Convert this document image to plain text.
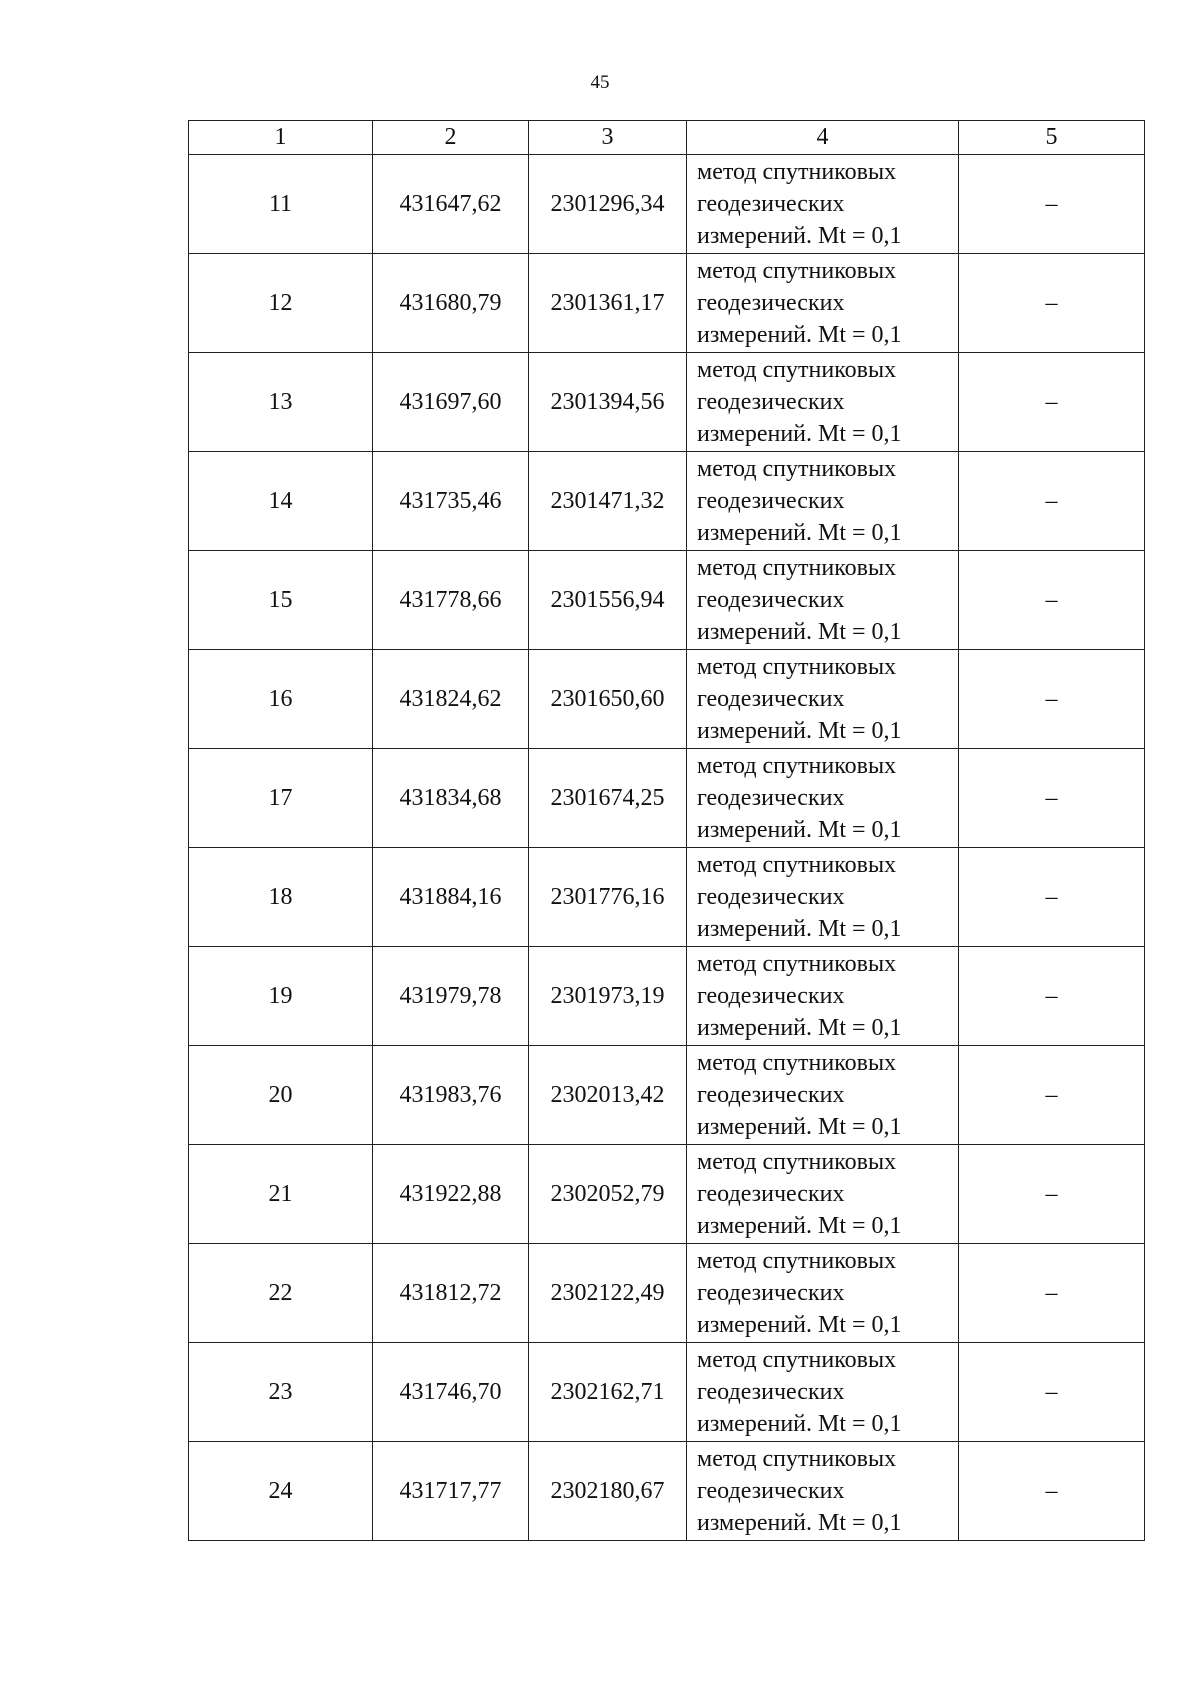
45
1	2	3	4	5
11	431647,62	2301296,34	метод спутниковых
геодезических
измерений. Mt = 0,1	–
12	431680,79	2301361,17	метод спутниковых
геодезических
измерений. Mt = 0,1	–
13	431697,60	2301394,56	метод спутниковых
геодезических
измерений. Mt = 0,1	–
14	431735,46	2301471,32	метод спутниковых
геодезических
измерений. Mt = 0,1	–
15	431778,66	2301556,94	метод спутниковых
геодезических
измерений. Mt = 0,1	–
16	431824,62	2301650,60	метод спутниковых
геодезических
измерений. Mt = 0,1	–
17	431834,68	2301674,25	метод спутниковых
геодезических
измерений. Mt = 0,1	–
18	431884,16	2301776,16	метод спутниковых
геодезических
измерений. Mt = 0,1	–
19	431979,78	2301973,19	метод спутниковых
геодезических
измерений. Mt = 0,1	–
20	431983,76	2302013,42	метод спутниковых
геодезических
измерений. Mt = 0,1	–
21	431922,88	2302052,79	метод спутниковых
геодезических
измерений. Mt = 0,1	–
22	431812,72	2302122,49	метод спутниковых
геодезических
измерений. Mt = 0,1	–
23	431746,70	2302162,71	метод спутниковых
геодезических
измерений. Mt = 0,1	–
24	431717,77	2302180,67	метод спутниковых
геодезических
измерений. Mt = 0,1	–
